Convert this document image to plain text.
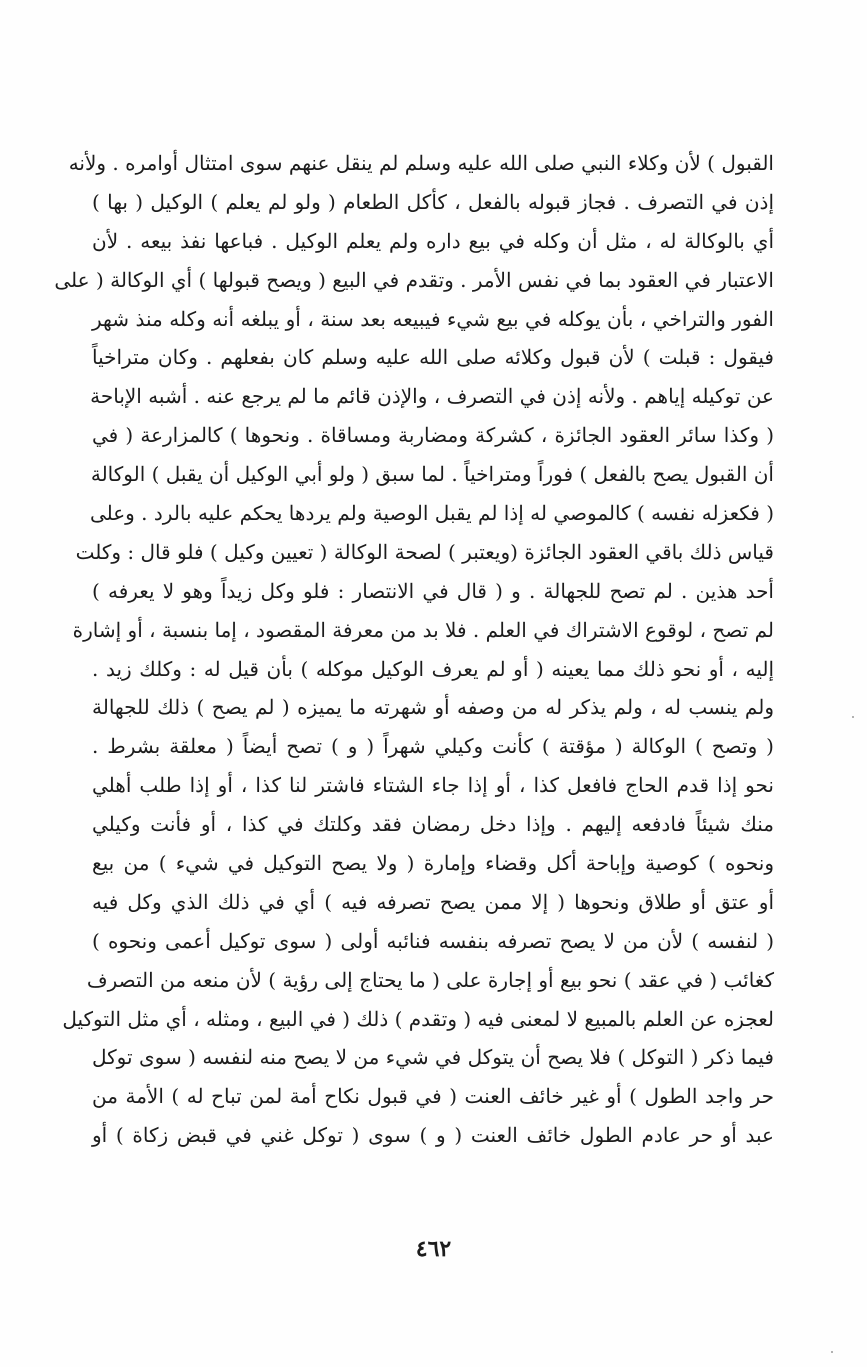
القبول ) لأن وكلاء النبي صلى الله عليه وسلم لم ينقل عنهم سوى امتثال أوامره . ولأنه
إذن في التصرف . فجاز قبوله بالفعل ، كأكل الطعام ( ولو لم يعلم ) الوكيل ( بها )
أي بالوكالة له ، مثل أن وكله في بيع داره ولم يعلم الوكيل . فباعها نفذ بيعه . لأن
الاعتبار في العقود بما في نفس الأمر . وتقدم في البيع ( ويصح قبولها ) أي الوكالة ( على
الفور والتراخي ، بأن يوكله في بيع شيء فيبيعه بعد سنة ، أو يبلغه أنه وكله منذ شهر
فيقول : قبلت ) لأن قبول وكلائه صلى الله عليه وسلم كان بفعلهم . وكان متراخياً
عن توكيله إياهم . ولأنه إذن في التصرف ، والإذن قائم ما لم يرجع عنه . أشبه الإباحة
( وكذا سائر العقود الجائزة ، كشركة ومضاربة ومساقاة . ونحوها ) كالمزارعة ( في
أن القبول يصح بالفعل ) فوراً ومتراخياً . لما سبق ( ولو أبي الوكيل أن يقبل ) الوكالة
( فكعزله نفسه ) كالموصي له إذا لم يقبل الوصية ولم يردها يحكم عليه بالرد . وعلى
قياس ذلك باقي العقود الجائزة (ويعتبر ) لصحة الوكالة ( تعيين وكيل ) فلو قال : وكلت
أحد هذين . لم تصح للجهالة . و ( قال في الانتصار : فلو وكل زيداً وهو لا يعرفه )
لم تصح ، لوقوع الاشتراك في العلم . فلا بد من معرفة المقصود ، إما بنسبة ، أو إشارة
إليه ، أو نحو ذلك مما يعينه ( أو لم يعرف الوكيل موكله ) بأن قيل له : وكلك زيد .
ولم ينسب له ، ولم يذكر له من وصفه أو شهرته ما يميزه ( لم يصح ) ذلك للجهالة
( وتصح ) الوكالة ( مؤقتة ) كأنت وكيلي شهراً ( و ) تصح أيضاً ( معلقة بشرط .
نحو إذا قدم الحاج فافعل كذا ، أو إذا جاء الشتاء فاشتر لنا كذا ، أو إذا طلب أهلي
منك شيئاً فادفعه إليهم . وإذا دخل رمضان فقد وكلتك في كذا ، أو فأنت وكيلي
ونحوه ) كوصية وإباحة أكل وقضاء وإمارة ( ولا يصح التوكيل في شيء ) من بيع
أو عتق أو طلاق ونحوها ( إلا ممن يصح تصرفه فيه ) أي في ذلك الذي وكل فيه
( لنفسه ) لأن من لا يصح تصرفه بنفسه فنائبه أولى ( سوى توكيل أعمى ونحوه )
كغائب ( في عقد ) نحو بيع أو إجارة على ( ما يحتاج إلى رؤية ) لأن منعه من التصرف
لعجزه عن العلم بالمبيع لا لمعنى فيه ( وتقدم ) ذلك ( في البيع ، ومثله ، أي مثل التوكيل
فيما ذكر ( التوكل ) فلا يصح أن يتوكل في شيء من لا يصح منه لنفسه ( سوى توكل
حر واجد الطول ) أو غير خائف العنت ( في قبول نكاح أمة لمن تباح له ) الأمة من
عبد أو حر عادم الطول خائف العنت ( و ) سوى ( توكل غني في قبض زكاة ) أو
٤٦٢
